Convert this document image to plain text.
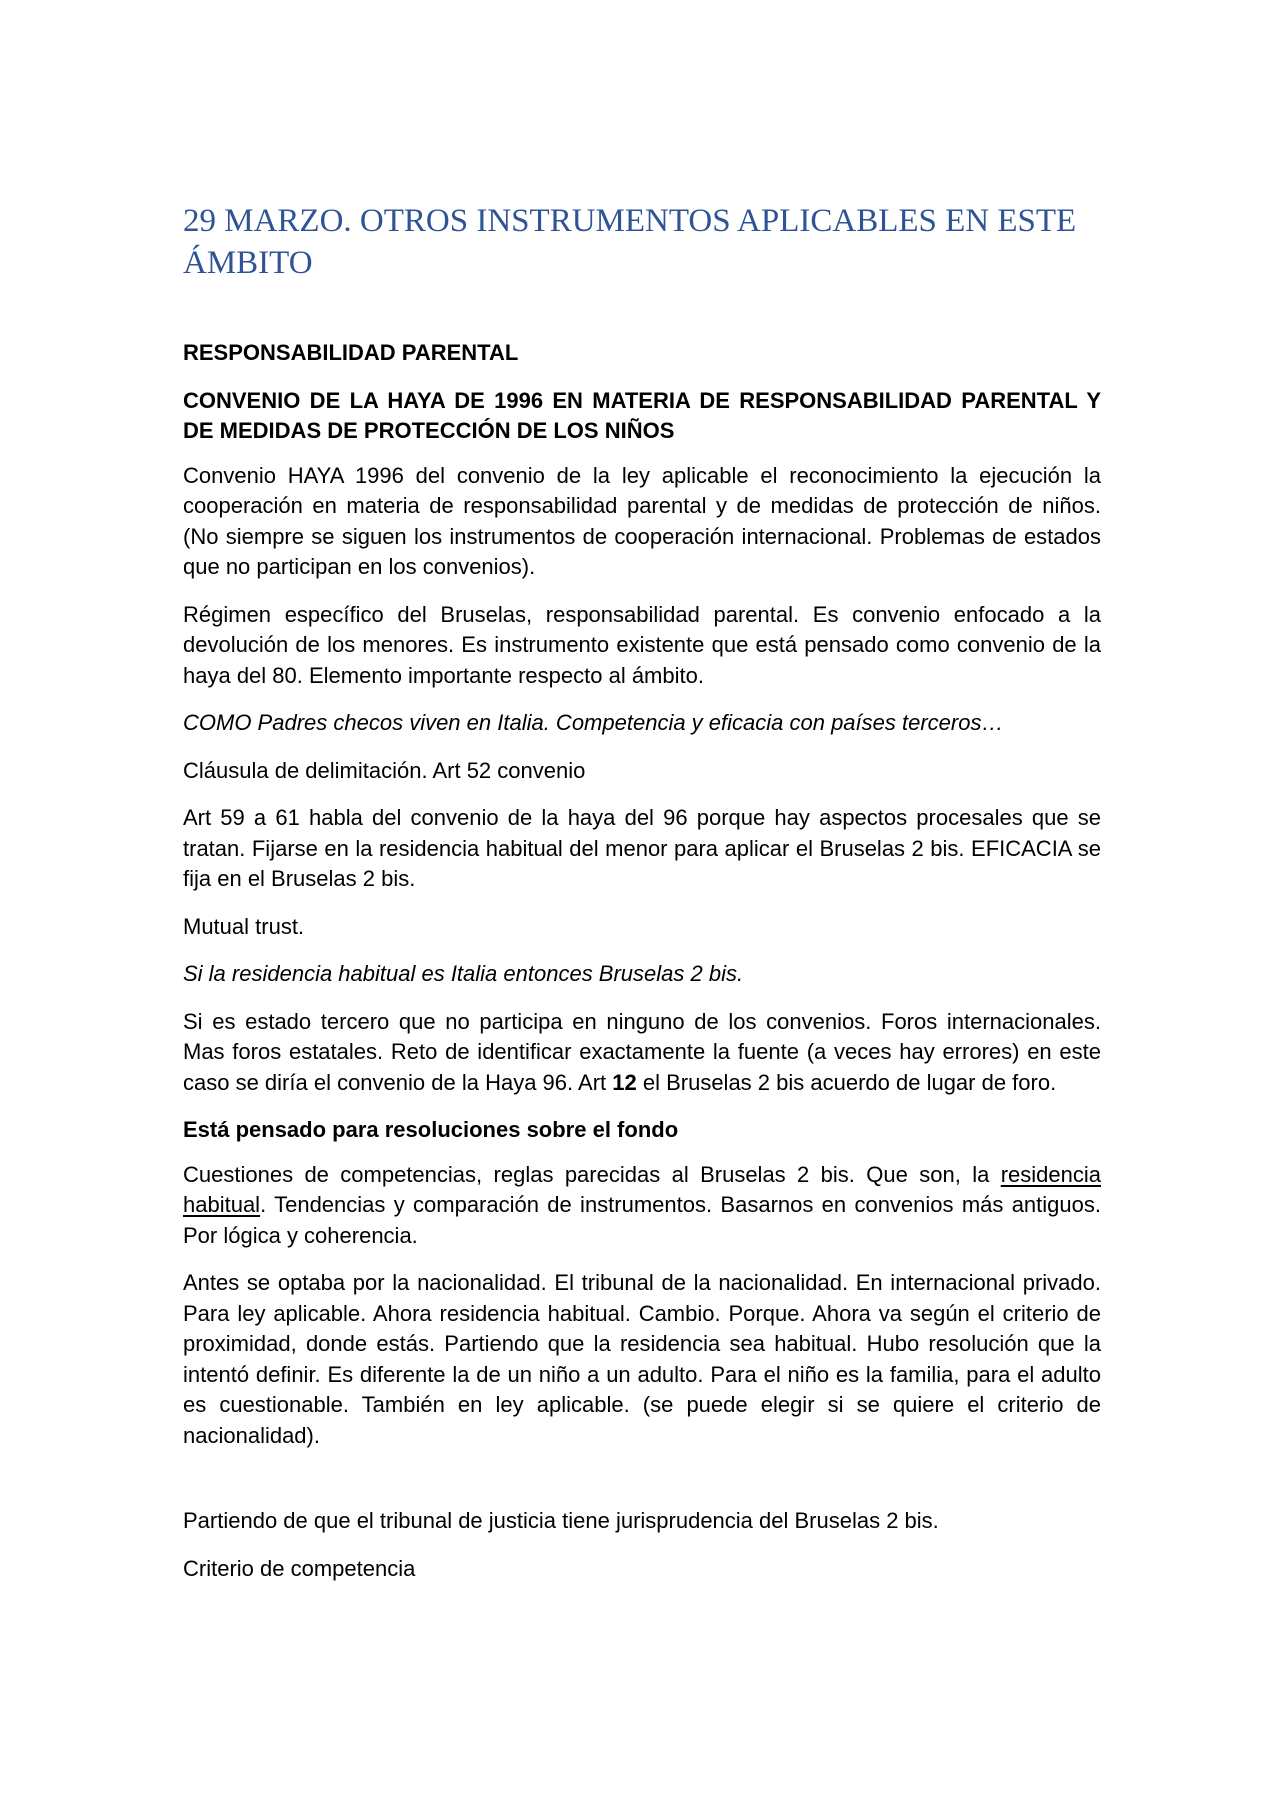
29 MARZO. OTROS INSTRUMENTOS APLICABLES EN ESTE ÁMBITO
RESPONSABILIDAD PARENTAL

CONVENIO DE LA HAYA DE 1996 EN MATERIA DE RESPONSABILIDAD PARENTAL Y DE MEDIDAS DE PROTECCIÓN DE LOS NIÑOS

Convenio HAYA 1996 del convenio de la ley aplicable el reconocimiento la ejecución la cooperación en materia de responsabilidad parental y de medidas de protección de niños. (No siempre se siguen los instrumentos de cooperación internacional. Problemas de estados que no participan en los convenios).

Régimen específico del Bruselas, responsabilidad parental. Es convenio enfocado a la devolución de los menores. Es instrumento existente que está pensado como convenio de la haya del 80. Elemento importante respecto al ámbito.

COMO Padres checos viven en Italia. Competencia y eficacia con países terceros…

Cláusula de delimitación. Art 52 convenio

Art 59 a 61 habla del convenio de la haya del 96 porque hay aspectos procesales que se tratan. Fijarse en la residencia habitual del menor para aplicar el Bruselas 2 bis. EFICACIA se fija en el Bruselas 2 bis.

Mutual trust.

Si la residencia habitual es Italia entonces Bruselas 2 bis.

Si es estado tercero que no participa en ninguno de los convenios. Foros internacionales. Mas foros estatales. Reto de identificar exactamente la fuente (a veces hay errores) en este caso se diría el convenio de la Haya 96. Art 12 el Bruselas 2 bis acuerdo de lugar de foro.

Está pensado para resoluciones sobre el fondo

Cuestiones de competencias, reglas parecidas al Bruselas 2 bis. Que son, la residencia habitual. Tendencias y comparación de instrumentos. Basarnos en convenios más antiguos. Por lógica y coherencia.

Antes se optaba por la nacionalidad. El tribunal de la nacionalidad. En internacional privado. Para ley aplicable. Ahora residencia habitual. Cambio. Porque. Ahora va según el criterio de proximidad, donde estás. Partiendo que la residencia sea habitual. Hubo resolución que la intentó definir. Es diferente la de un niño a un adulto. Para el niño es la familia, para el adulto es cuestionable. También en ley aplicable. (se puede elegir si se quiere el criterio de nacionalidad).

Partiendo de que el tribunal de justicia tiene jurisprudencia del Bruselas 2 bis.

Criterio de competencia
